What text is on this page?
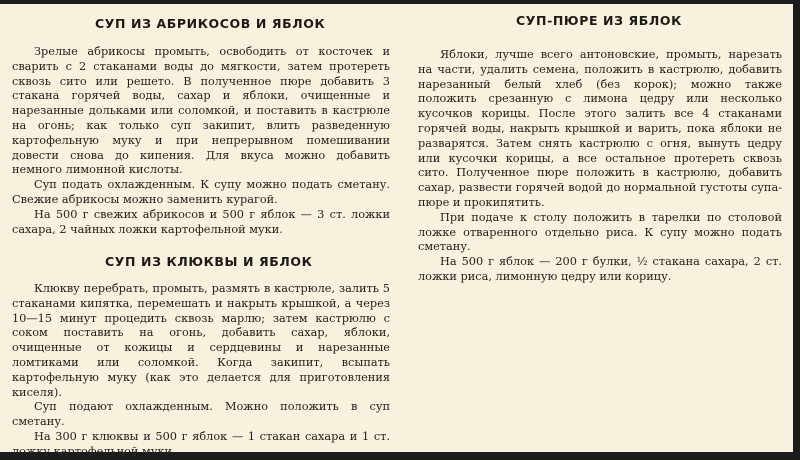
СУП ИЗ АБРИКОСОВ И ЯБЛОК

Зрелые абрикосы промыть, освободить от косточек и сварить с 2 стаканами воды до мягкости, затем протереть сквозь сито или решето. В полученное пюре добавить 3 стакана горячей воды, сахар и яблоки, очищенные и нарезанные дольками или соломкой, и поставить в кастрюле на огонь; как только суп закипит, влить разведенную картофельную муку и при непрерывном помешивании довести снова до кипения. Для вкуса можно добавить немного лимонной кислоты.

Суп подать охлажденным. К супу можно подать сметану. Свежие абрикосы можно заменить курагой.

На 500 г свежих абрикосов и 500 г яблок — 3 ст. ложки сахара, 2 чайных ложки картофельной муки.

СУП ИЗ КЛЮКВЫ И ЯБЛОК

Клюкву перебрать, промыть, размять в кастрюле, залить 5 стаканами кипятка, перемешать и накрыть крышкой, а через 10—15 минут процедить сквозь марлю; затем кастрюлю с соком поставить на огонь, добавить сахар, яблоки, очищенные от кожицы и сердцевины и нарезанные ломтиками или соломкой. Когда закипит, всыпать картофельную муку (как это делается для приготовления киселя).

Суп подают охлажденным. Можно положить в суп сметану.

На 300 г клюквы и 500 г яблок — 1 стакан сахара и 1 ст. ложку картофельной муки.

СУП-ПЮРЕ ИЗ ЯБЛОК

Яблоки, лучше всего антоновские, промыть, нарезать на части, удалить семена, положить в кастрюлю, добавить нарезанный белый хлеб (без корок); можно также положить срезанную с лимона цедру или несколько кусочков корицы. После этого залить все 4 стаканами горячей воды, накрыть крышкой и варить, пока яблоки не разварятся. Затем снять кастрюлю с огня, вынуть цедру или кусочки корицы, а все остальное протереть сквозь сито. Полученное пюре положить в кастрюлю, добавить сахар, развести горячей водой до нормальной густоты супа-пюре и прокипятить.

При подаче к столу положить в тарелки по столовой ложке отваренного отдельно риса. К супу можно подать сметану.

На 500 г яблок — 200 г булки, ½ стакана сахара, 2 ст. ложки риса, лимонную цедру или корицу.
